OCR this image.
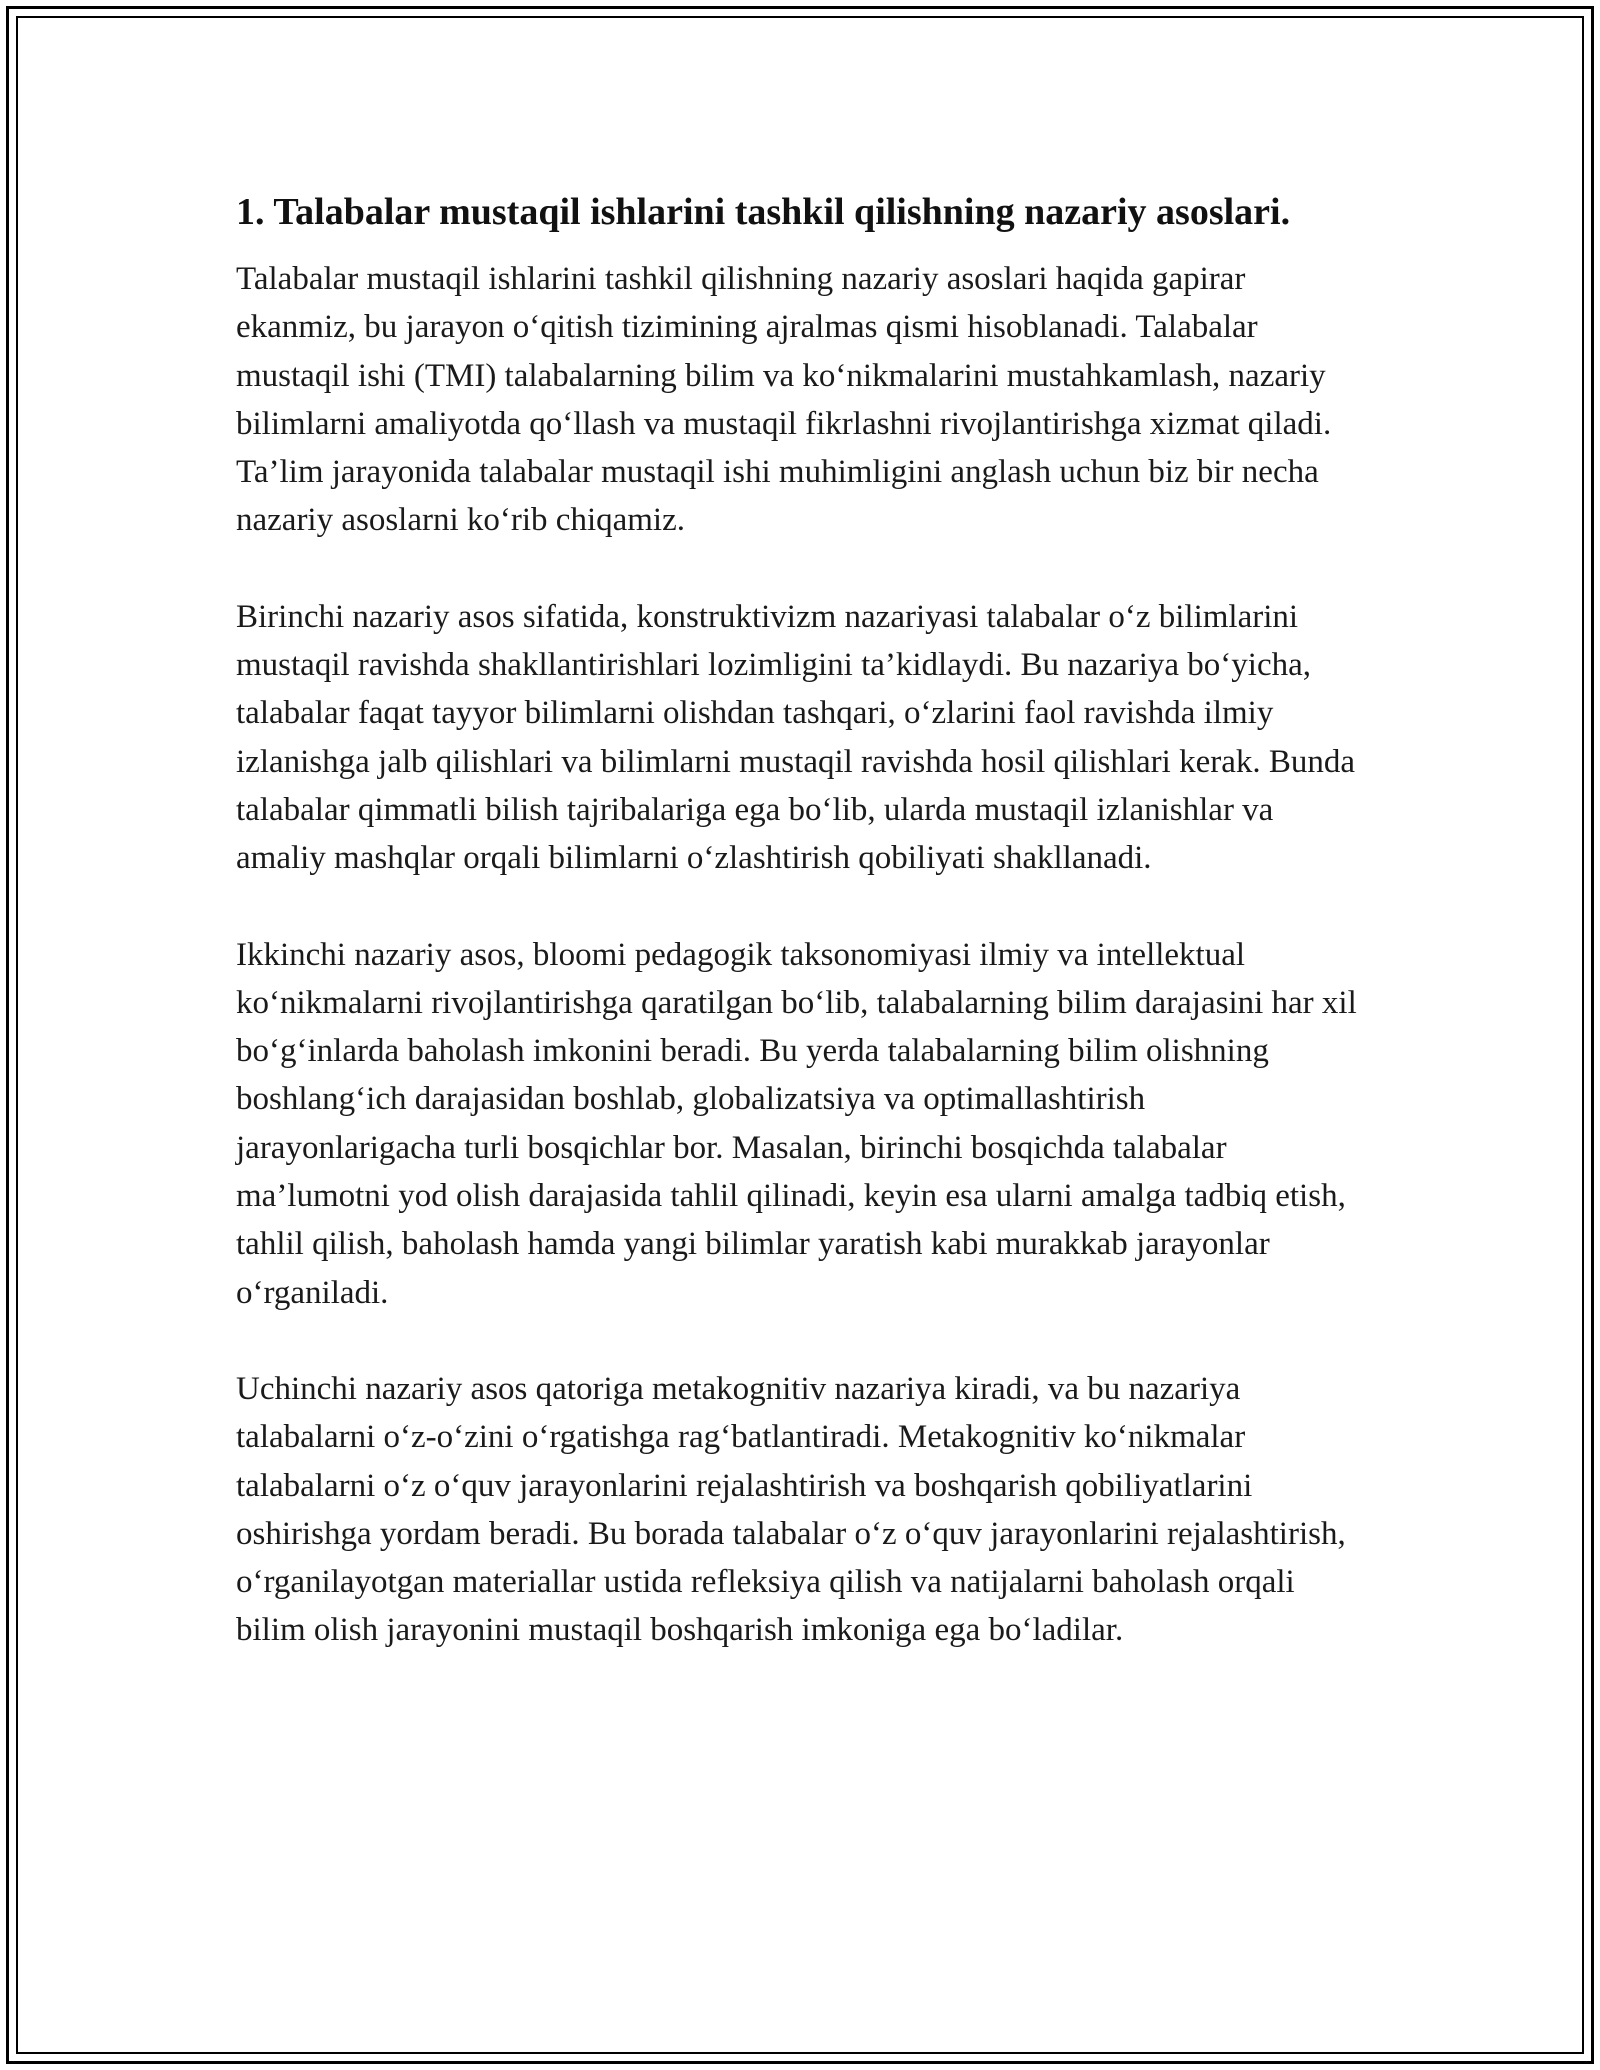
1. Talabalar mustaqil ishlarini tashkil qilishning nazariy asoslari.

Talabalar mustaqil ishlarini tashkil qilishning nazariy asoslari haqida gapirar ekanmiz, bu jarayon o‘qitish tizimining ajralmas qismi hisoblanadi. Talabalar mustaqil ishi (TMI) talabalarning bilim va ko‘nikmalarini mustahkamlash, nazariy bilimlarni amaliyotda qo‘llash va mustaqil fikrlashni rivojlantirishga xizmat qiladi. Ta’lim jarayonida talabalar mustaqil ishi muhimligini anglash uchun biz bir necha nazariy asoslarni ko‘rib chiqamiz.

Birinchi nazariy asos sifatida, konstruktivizm nazariyasi talabalar o‘z bilimlarini mustaqil ravishda shakllantirishlari lozimligini ta’kidlaydi. Bu nazariya bo‘yicha, talabalar faqat tayyor bilimlarni olishdan tashqari, o‘zlarini faol ravishda ilmiy izlanishga jalb qilishlari va bilimlarni mustaqil ravishda hosil qilishlari kerak. Bunda talabalar qimmatli bilish tajribalariga ega bo‘lib, ularda mustaqil izlanishlar va amaliy mashqlar orqali bilimlarni o‘zlashtirish qobiliyati shakllanadi.

Ikkinchi nazariy asos, bloomi pedagogik taksonomiyasi ilmiy va intellektual ko‘nikmalarni rivojlantirishga qaratilgan bo‘lib, talabalarning bilim darajasini har xil bo‘g‘inlarda baholash imkonini beradi. Bu yerda talabalarning bilim olishning boshlang‘ich darajasidan boshlab, globalizatsiya va optimallashtirish jarayonlarigacha turli bosqichlar bor. Masalan, birinchi bosqichda talabalar ma’lumotni yod olish darajasida tahlil qilinadi, keyin esa ularni amalga tadbiq etish, tahlil qilish, baholash hamda yangi bilimlar yaratish kabi murakkab jarayonlar o‘rganiladi.

Uchinchi nazariy asos qatoriga metakognitiv nazariya kiradi, va bu nazariya talabalarni o‘z-o‘zini o‘rgatishga rag‘batlantiradi. Metakognitiv ko‘nikmalar talabalarni o‘z o‘quv jarayonlarini rejalashtirish va boshqarish qobiliyatlarini oshirishga yordam beradi. Bu borada talabalar o‘z o‘quv jarayonlarini rejalashtirish, o‘rganilayotgan materiallar ustida refleksiya qilish va natijalarni baholash orqali bilim olish jarayonini mustaqil boshqarish imkoniga ega bo‘ladilar.
